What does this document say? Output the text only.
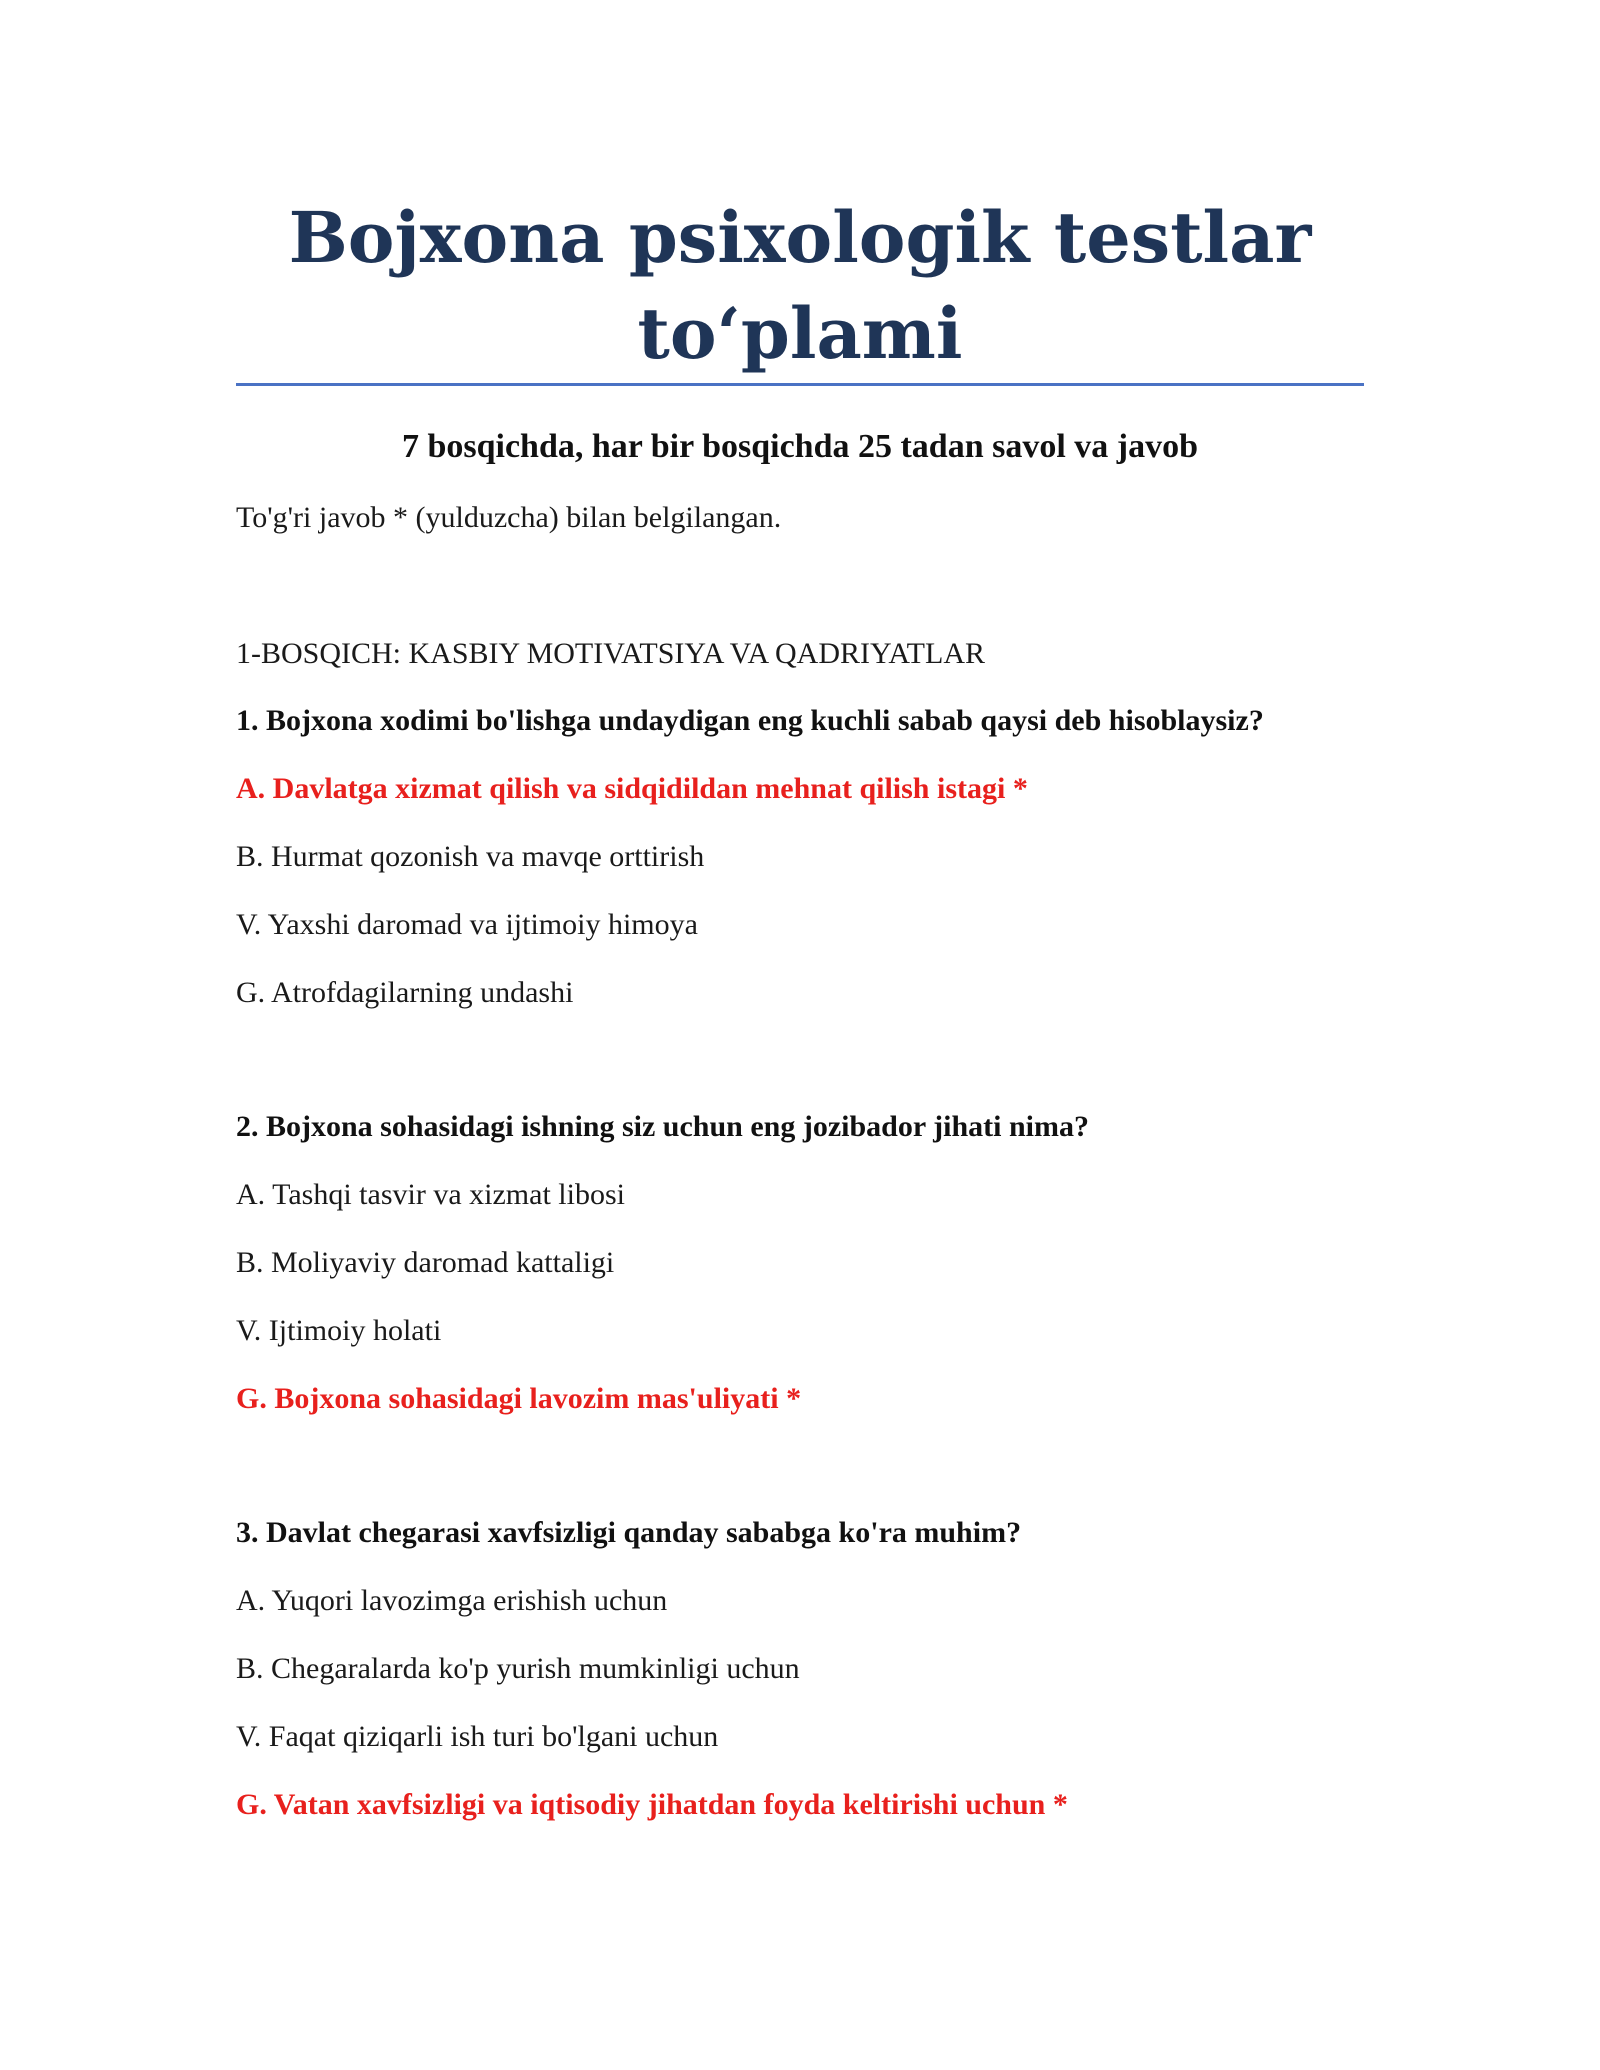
Bojxona psixologik testlar to‘plami
7 bosqichda, har bir bosqichda 25 tadan savol va javob
To'g'ri javob * (yulduzcha) bilan belgilangan.
1-BOSQICH: KASBIY MOTIVATSIYA VA QADRIYATLAR
1. Bojxona xodimi bo'lishga undaydigan eng kuchli sabab qaysi deb hisoblaysiz?
A. Davlatga xizmat qilish va sidqidildan mehnat qilish istagi *
B. Hurmat qozonish va mavqe orttirish
V. Yaxshi daromad va ijtimoiy himoya
G. Atrofdagilarning undashi
2. Bojxona sohasidagi ishning siz uchun eng jozibador jihati nima?
A. Tashqi tasvir va xizmat libosi
B. Moliyaviy daromad kattaligi
V. Ijtimoiy holati
G. Bojxona sohasidagi lavozim mas'uliyati *
3. Davlat chegarasi xavfsizligi qanday sababga ko'ra muhim?
A. Yuqori lavozimga erishish uchun
B. Chegaralarda ko'p yurish mumkinligi uchun
V. Faqat qiziqarli ish turi bo'lgani uchun
G. Vatan xavfsizligi va iqtisodiy jihatdan foyda keltirishi uchun *
